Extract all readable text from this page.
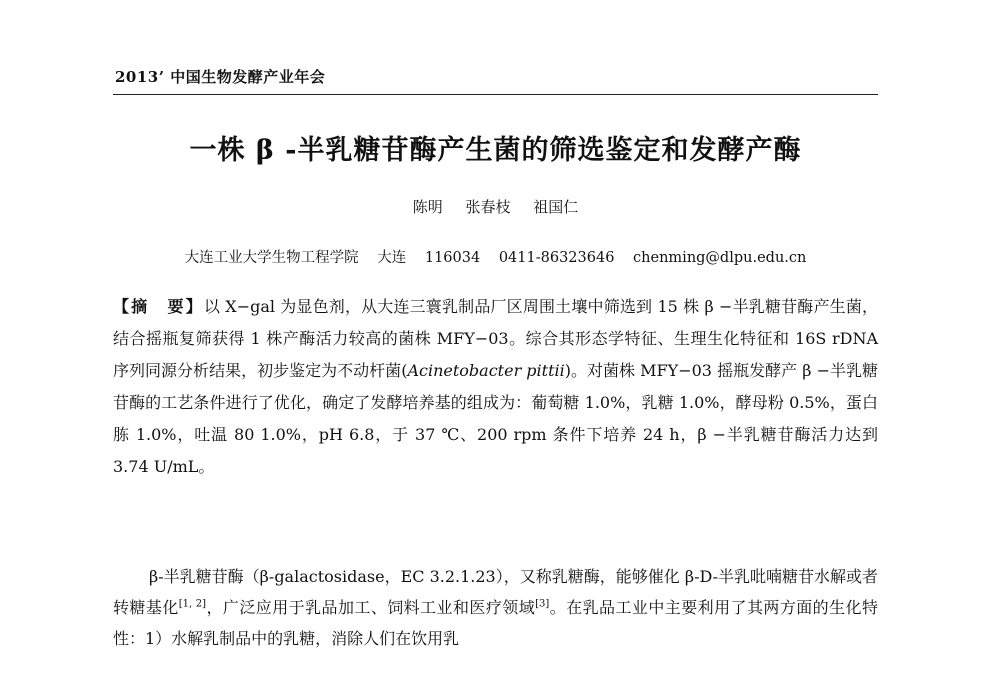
2013’ 中国生物发酵产业年会
一株 β -半乳糖苷酶产生菌的筛选鉴定和发酵产酶
陈明 张春枝 祖国仁
大连工业大学生物工程学院 大连 116034 0411-86323646 chenming@dlpu.edu.cn
【摘　要】以 X−gal 为显色剂，从大连三寰乳制品厂区周围土壤中筛选到 15 株 β −半乳糖苷酶产生菌，结合摇瓶复筛获得 1 株产酶活力较高的菌株 MFY−03。综合其形态学特征、生理生化特征和 16S rDNA 序列同源分析结果，初步鉴定为不动杆菌(Acinetobacter pittii)。对菌株 MFY−03 摇瓶发酵产 β −半乳糖苷酶的工艺条件进行了优化，确定了发酵培养基的组成为：葡萄糖 1.0%，乳糖 1.0%，酵母粉 0.5%，蛋白胨 1.0%，吐温 80 1.0%，pH 6.8，于 37 ℃、200 rpm 条件下培养 24 h，β −半乳糖苷酶活力达到 3.74 U/mL。
β-半乳糖苷酶（β-galactosidase，EC 3.2.1.23），又称乳糖酶，能够催化 β-D-半乳吡喃糖苷水解或者转糖基化[1, 2]，广泛应用于乳品加工、饲料工业和医疗领域[3]。在乳品工业中主要利用了其两方面的生化特性：1）水解乳制品中的乳糖，消除人们在饮用乳
